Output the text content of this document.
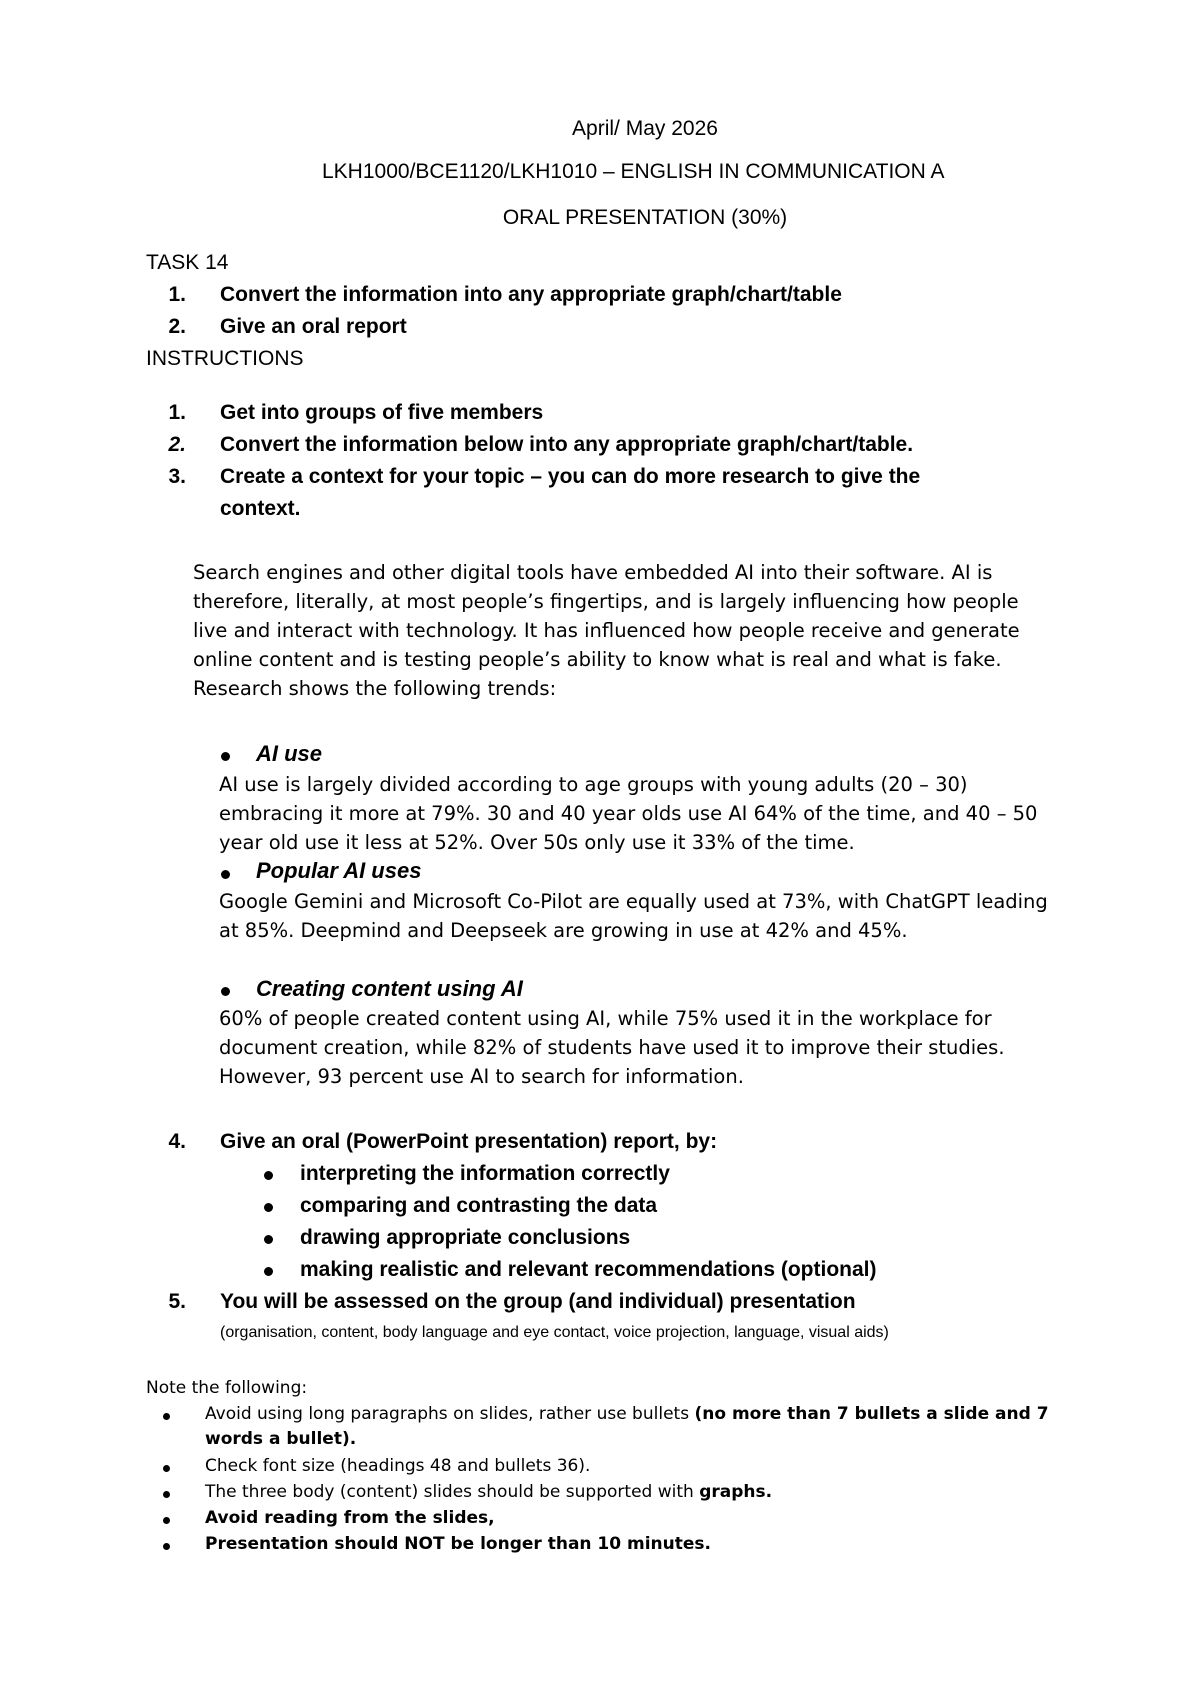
April/ May 2026
LKH1000/BCE1120/LKH1010 – ENGLISH IN COMMUNICATION A
ORAL PRESENTATION (30%)
TASK 14
1. Convert the information into any appropriate graph/chart/table
2. Give an oral report
INSTRUCTIONS
1. Get into groups of five members
2. Convert the information below into any appropriate graph/chart/table.
3. Create a context for your topic – you can do more research to give the
context.
Search engines and other digital tools have embedded AI into their software. AI is
therefore, literally, at most people’s fingertips, and is largely influencing how people
live and interact with technology. It has influenced how people receive and generate
online content and is testing people’s ability to know what is real and what is fake.
Research shows the following trends:
AI use
AI use is largely divided according to age groups with young adults (20 – 30)
embracing it more at 79%. 30 and 40 year olds use AI 64% of the time, and 40 – 50
year old use it less at 52%. Over 50s only use it 33% of the time.
Popular AI uses
Google Gemini and Microsoft Co-Pilot are equally used at 73%, with ChatGPT leading
at 85%. Deepmind and Deepseek are growing in use at 42% and 45%.
Creating content using AI
60% of people created content using AI, while 75% used it in the workplace for
document creation, while 82% of students have used it to improve their studies.
However, 93 percent use AI to search for information.
4. Give an oral (PowerPoint presentation) report, by:
interpreting the information correctly
comparing and contrasting the data
drawing appropriate conclusions
making realistic and relevant recommendations (optional)
5. You will be assessed on the group (and individual) presentation
(organisation, content, body language and eye contact, voice projection, language, visual aids)
Note the following:
Avoid using long paragraphs on slides, rather use bullets (no more than 7 bullets a slide and 7
words a bullet).
Check font size (headings 48 and bullets 36).
The three body (content) slides should be supported with graphs.
Avoid reading from the slides,
Presentation should NOT be longer than 10 minutes.
